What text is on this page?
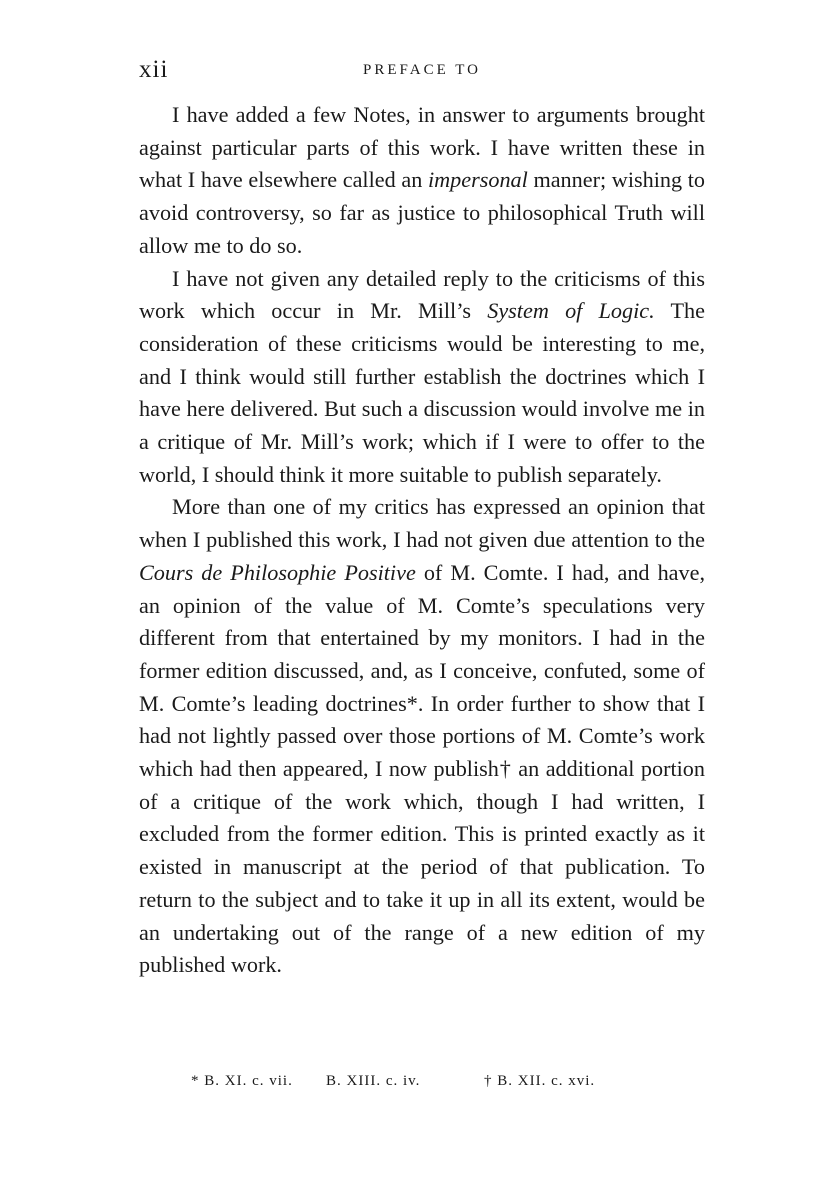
xii	PREFACE TO

I have added a few Notes, in answer to arguments brought against particular parts of this work. I have written these in what I have elsewhere called an impersonal manner; wishing to avoid controversy, so far as justice to philosophical Truth will allow me to do so.

I have not given any detailed reply to the criticisms of this work which occur in Mr. Mill’s System of Logic. The consideration of these criticisms would be interesting to me, and I think would still further establish the doctrines which I have here delivered. But such a discussion would involve me in a critique of Mr. Mill’s work; which if I were to offer to the world, I should think it more suitable to publish separately.

More than one of my critics has expressed an opinion that when I published this work, I had not given due attention to the Cours de Philosophie Positive of M. Comte. I had, and have, an opinion of the value of M. Comte’s speculations very different from that entertained by my monitors. I had in the former edition discussed, and, as I conceive, confuted, some of M. Comte’s leading doctrines*. In order further to show that I had not lightly passed over those portions of M. Comte’s work which had then appeared, I now publish† an additional portion of a critique of the work which, though I had written, I excluded from the former edition. This is printed exactly as it existed in manuscript at the period of that publication. To return to the subject and to take it up in all its extent, would be an undertaking out of the range of a new edition of my published work.

* B. XI. c. vii. B. XIII. c. iv.	† B. XII. c. xvi.
